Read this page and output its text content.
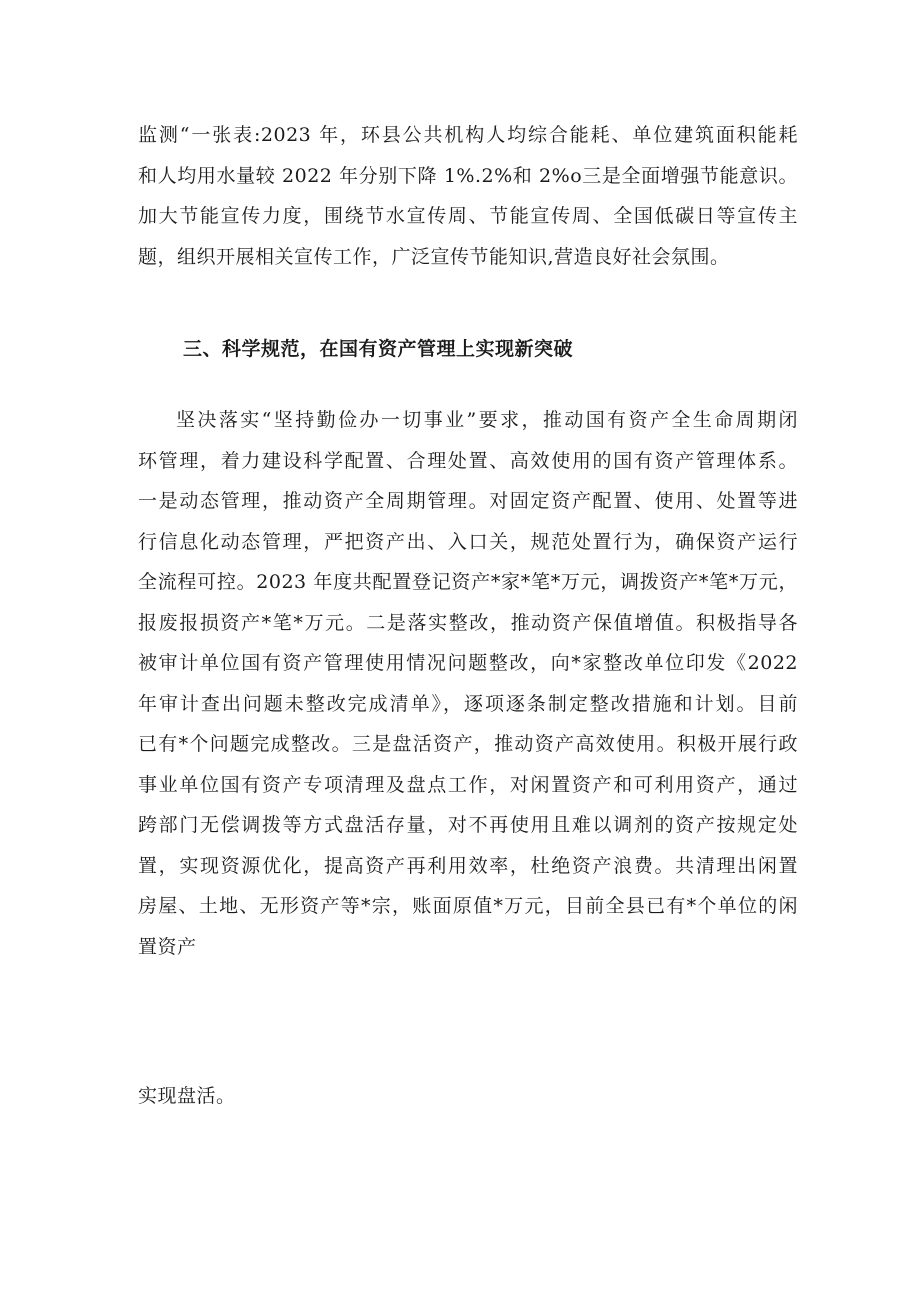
监测“一张表:2023 年，环县公共机构人均综合能耗、单位建筑面积能耗
和人均用水量较 2022 年分别下降 1%.2%和 2%o三是全面增强节能意识。
加大节能宣传力度，围绕节水宣传周、节能宣传周、全国低碳日等宣传主
题，组织开展相关宣传工作，广泛宣传节能知识,营造良好社会氛围。
三、科学规范，在国有资产管理上实现新突破
坚决落实“坚持勤俭办一切事业”要求，推动国有资产全生命周期闭
环管理，着力建设科学配置、合理处置、高效使用的国有资产管理体系。
一是动态管理，推动资产全周期管理。对固定资产配置、使用、处置等进
行信息化动态管理，严把资产出、入口关，规范处置行为，确保资产运行
全流程可控。2023 年度共配置登记资产*家*笔*万元，调拨资产*笔*万元，
报废报损资产*笔*万元。二是落实整改，推动资产保值增值。积极指导各
被审计单位国有资产管理使用情况问题整改，向*家整改单位印发《2022
年审计查出问题未整改完成清单》，逐项逐条制定整改措施和计划。目前
已有*个问题完成整改。三是盘活资产，推动资产高效使用。积极开展行政
事业单位国有资产专项清理及盘点工作，对闲置资产和可利用资产，通过
跨部门无偿调拨等方式盘活存量，对不再使用且难以调剂的资产按规定处
置，实现资源优化，提高资产再利用效率，杜绝资产浪费。共清理出闲置
房屋、土地、无形资产等*宗，账面原值*万元，目前全县已有*个单位的闲
置资产
实现盘活。
